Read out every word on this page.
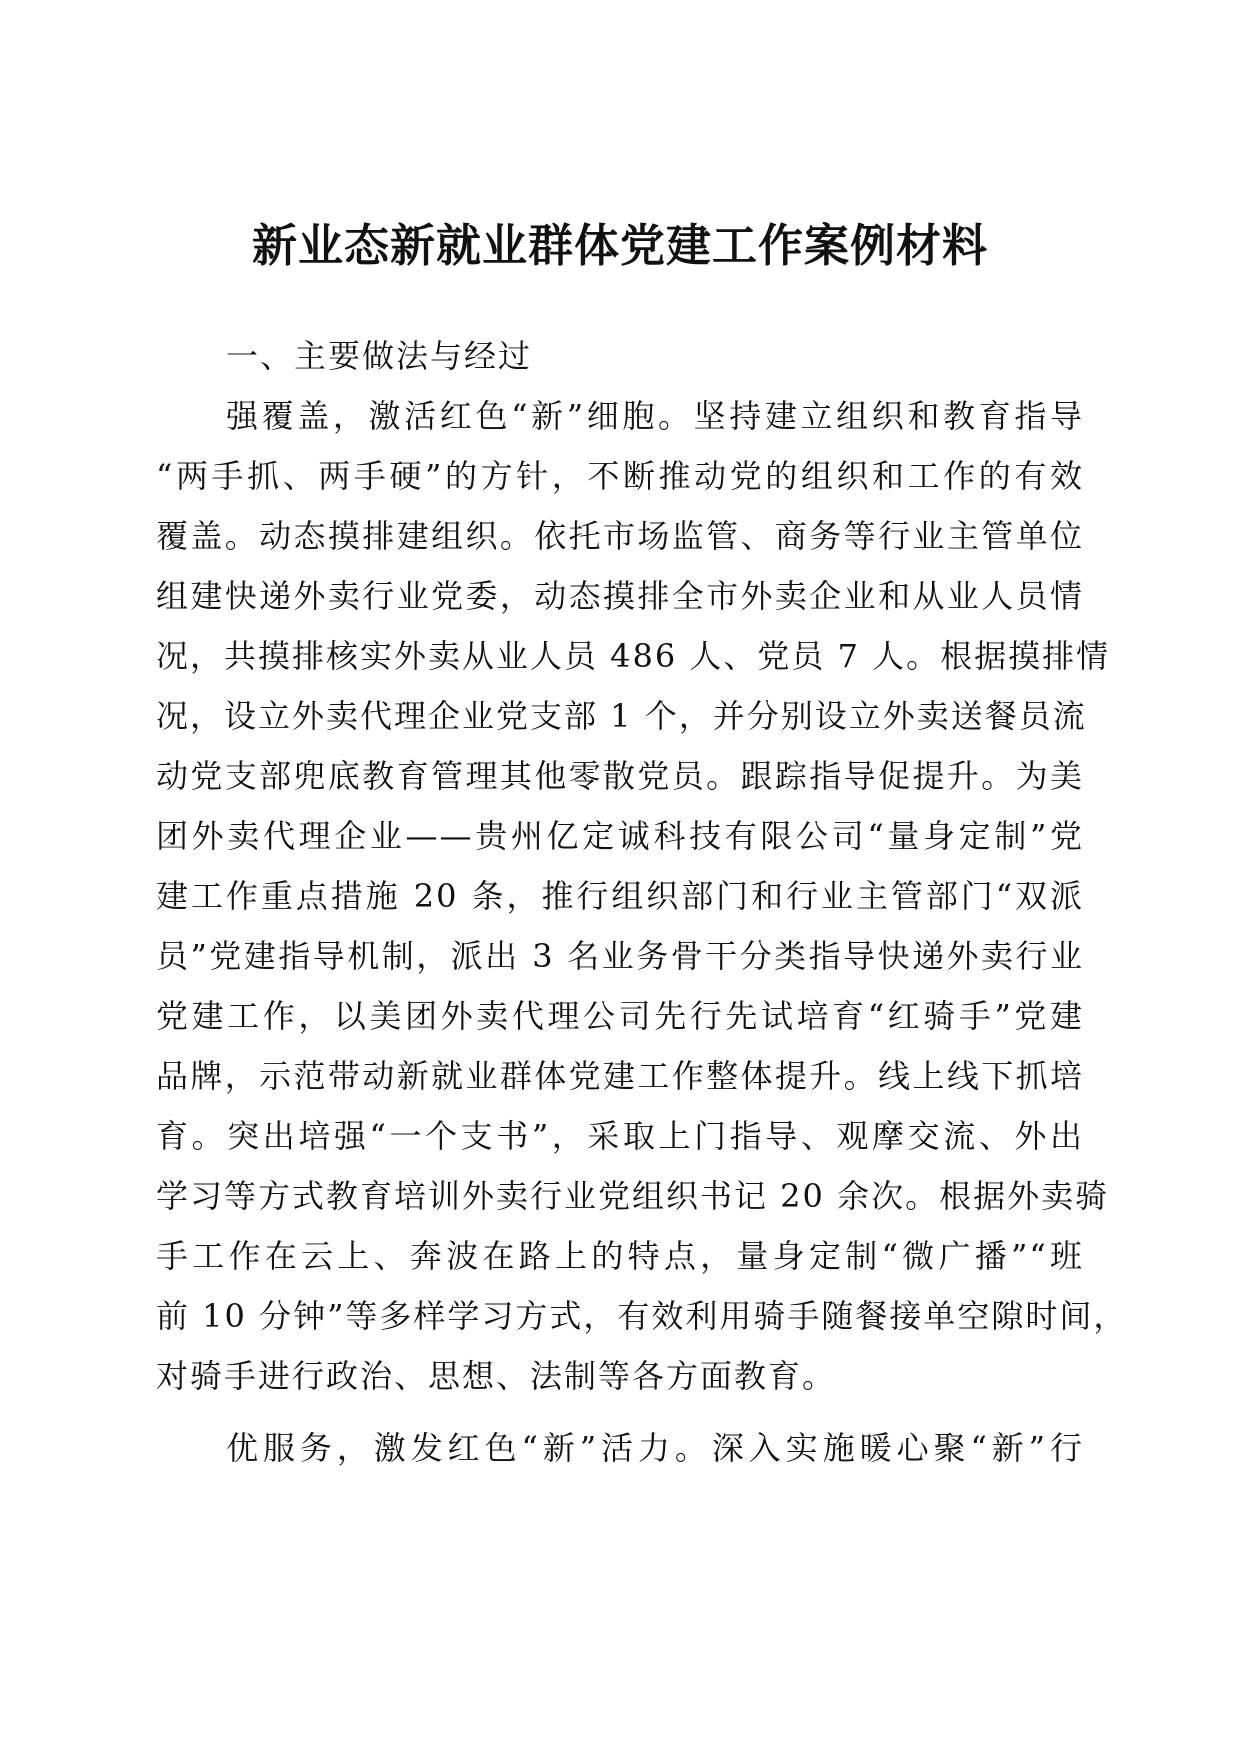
新业态新就业群体党建工作案例材料
一、主要做法与经过
强覆盖，激活红色“新”细胞。坚持建立组织和教育指导
“两手抓、两手硬”的方针，不断推动党的组织和工作的有效
覆盖。动态摸排建组织。依托市场监管、商务等行业主管单位
组建快递外卖行业党委，动态摸排全市外卖企业和从业人员情
况，共摸排核实外卖从业人员 486 人、党员 7 人。根据摸排情
况，设立外卖代理企业党支部 1 个，并分别设立外卖送餐员流
动党支部兜底教育管理其他零散党员。跟踪指导促提升。为美
团外卖代理企业——贵州亿定诚科技有限公司“量身定制”党
建工作重点措施 20 条，推行组织部门和行业主管部门“双派
员”党建指导机制，派出 3 名业务骨干分类指导快递外卖行业
党建工作，以美团外卖代理公司先行先试培育“红骑手”党建
品牌，示范带动新就业群体党建工作整体提升。线上线下抓培
育。突出培强“一个支书”，采取上门指导、观摩交流、外出
学习等方式教育培训外卖行业党组织书记 20 余次。根据外卖骑
手工作在云上、奔波在路上的特点，量身定制“微广播”“班
前 10 分钟”等多样学习方式，有效利用骑手随餐接单空隙时间，
对骑手进行政治、思想、法制等各方面教育。
优服务，激发红色“新”活力。深入实施暖心聚“新”行
